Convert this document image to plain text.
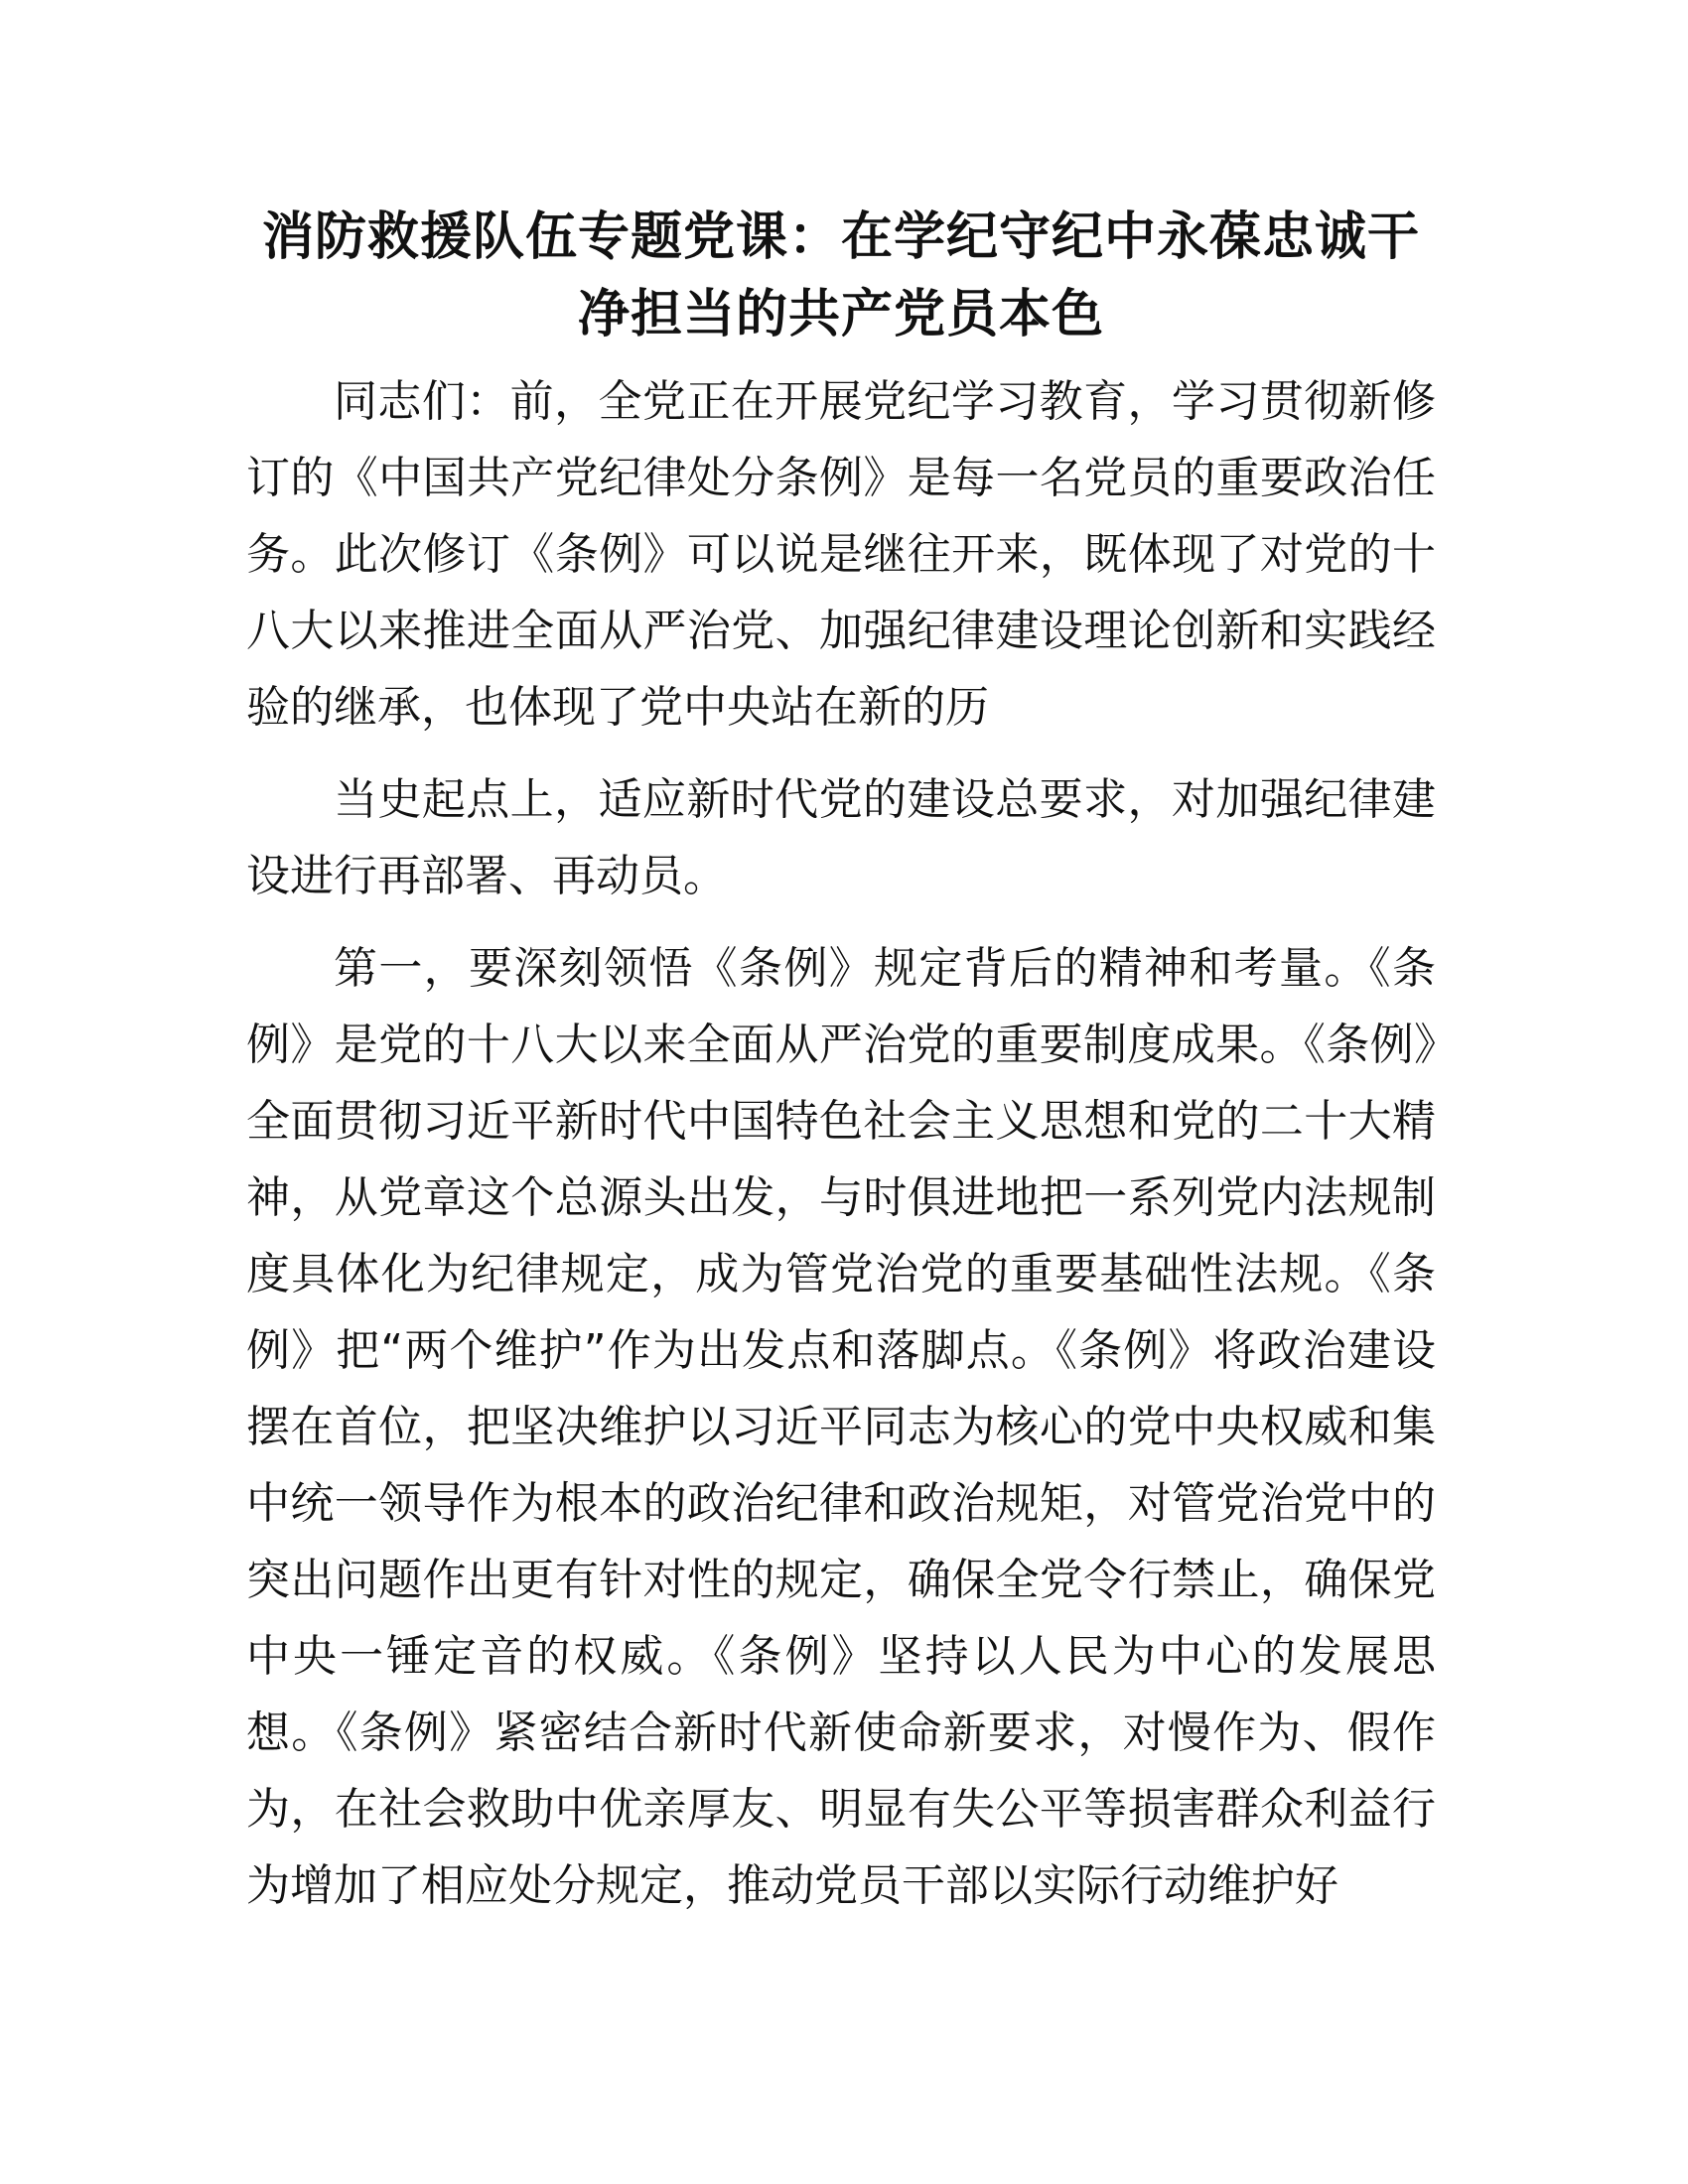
消防救援队伍专题党课：在学纪守纪中永葆忠诚干净担当的共产党员本色

同志们：前，全党正在开展党纪学习教育，学习贯彻新修订的《中国共产党纪律处分条例》是每一名党员的重要政治任务。此次修订《条例》可以说是继往开来，既体现了对党的十八大以来推进全面从严治党、加强纪律建设理论创新和实践经验的继承，也体现了党中央站在新的历

当史起点上，适应新时代党的建设总要求，对加强纪律建设进行再部署、再动员。

第一，要深刻领悟《条例》规定背后的精神和考量。《条例》是党的十八大以来全面从严治党的重要制度成果。《条例》全面贯彻习近平新时代中国特色社会主义思想和党的二十大精神，从党章这个总源头出发，与时俱进地把一系列党内法规制度具体化为纪律规定，成为管党治党的重要基础性法规。《条例》把“两个维护”作为出发点和落脚点。《条例》将政治建设摆在首位，把坚决维护以习近平同志为核心的党中央权威和集中统一领导作为根本的政治纪律和政治规矩，对管党治党中的突出问题作出更有针对性的规定，确保全党令行禁止，确保党中央一锤定音的权威。《条例》坚持以人民为中心的发展思想。《条例》紧密结合新时代新使命新要求，对慢作为、假作为，在社会救助中优亲厚友、明显有失公平等损害群众利益行为增加了相应处分规定，推动党员干部以实际行动维护好
